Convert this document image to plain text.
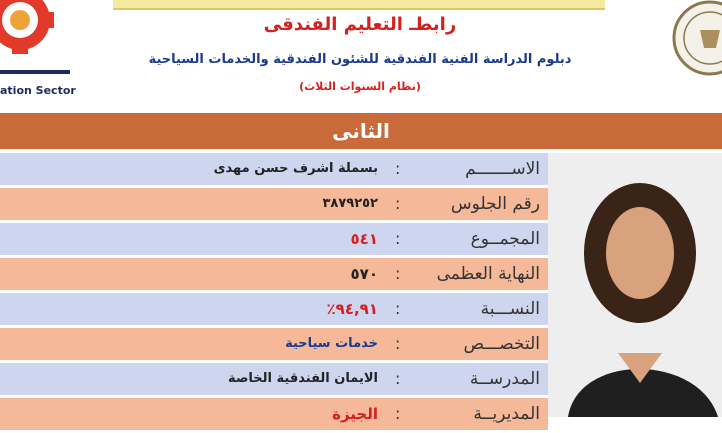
ation Sector
رابطـ التعليم الفندقى
دبلوم الدراسة الفنية الفندقية للشئون الفندقية والخدمات السياحية
(نظام السنوات الثلاث)
الثانى
الاســـــــم
:
بسملة اشرف حسن مهدى
رقم الجلوس
:
٣٨٧٩٢٥٢
المجمــوع
:
٥٤١
النهاية العظمى
:
٥٧٠
النســـبة
:
٩٤,٩١٪
التخصـــص
:
خدمات سياحية
المدرســة
:
الايمان الفندقية الخاصة
المديريــة
:
الجيزة
